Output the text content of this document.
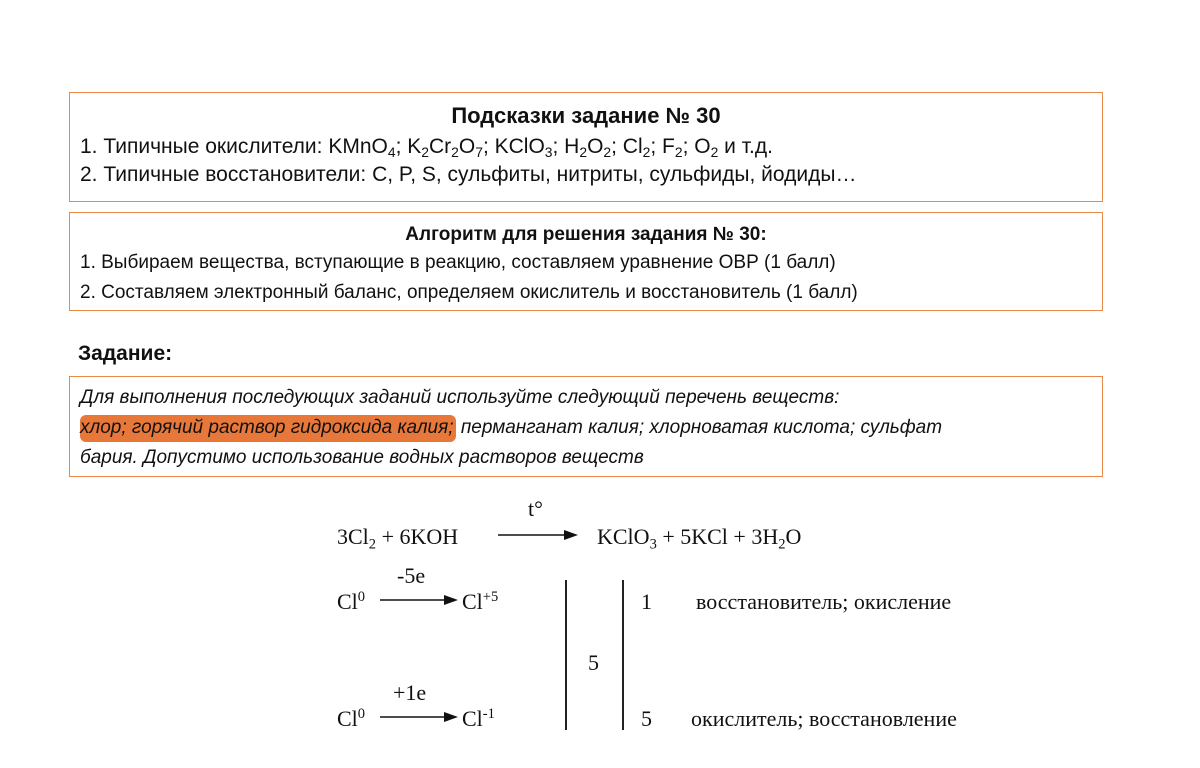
Подсказки задание № 30
1. Типичные окислители: KMnO$_4$; $K_2Cr_2O_7$; KClO$_3$; $H_2O_2$; $Cl_2$; $F_2$; $O_2$ и т.д.
2. Типичные восстановители: C, P, S, сульфиты, нитриты, сульфиды, йодиды…
Алгоритм для решения задания № 30:
1. Выбираем вещества, вступающие в реакцию, составляем уравнение ОВР (1 балл)
2. Составляем электронный баланс, определяем окислитель и восстановитель (1 балл)
Задание:
Для выполнения последующих заданий используйте следующий перечень веществ:
хлор; горячий раствор гидроксида калия; перманганат калия; хлорноватая кислота; сульфат
бария. Допустимо использование водных растворов веществ
$3Cl_2 + 6KOH$
t°
KClO$_3$ + $5KCl + 3H_2O$
Cl$^0$
-5e
$Cl^{+5}$
$Cl^0$
+1e
$Cl^{-1}$
5
1
5
восстановитель; окисление
окислитель; восстановление
